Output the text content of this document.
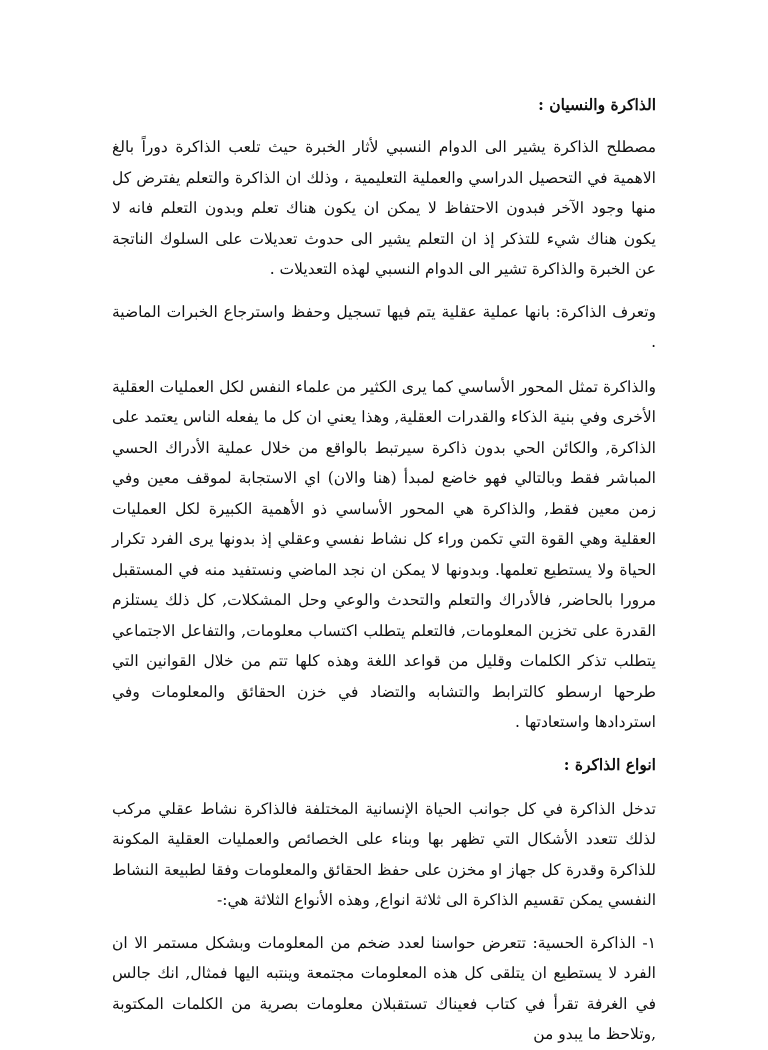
الذاكرة والنسيان :

مصطلح الذاكرة يشير الى الدوام النسبي لأثار الخبرة حيث تلعب الذاكرة دوراً بالغ الاهمية في التحصيل الدراسي والعملية التعليمية ، وذلك ان الذاكرة والتعلم يفترض كل منها وجود الآخر فبدون الاحتفاظ لا يمكن ان يكون هناك تعلم وبدون التعلم فانه لا يكون هناك شيء للتذكر إذ ان التعلم يشير الى حدوث تعديلات على السلوك الناتجة عن الخبرة والذاكرة تشير الى الدوام النسبي لهذه التعديلات .

وتعرف الذاكرة: بانها عملية عقلية يتم فيها تسجيل وحفظ واسترجاع الخبرات الماضية .

والذاكرة تمثل المحور الأساسي كما يرى الكثير من علماء النفس لكل العمليات العقلية الأخرى وفي بنية الذكاء والقدرات العقلية, وهذا يعني ان كل ما يفعله الناس يعتمد على الذاكرة, والكائن الحي بدون ذاكرة سيرتبط بالواقع من خلال عملية الأدراك الحسي المباشر فقط وبالتالي فهو خاضع لمبدأ (هنا والان) اي الاستجابة لموقف معين وفي زمن معين فقط, والذاكرة هي المحور الأساسي ذو الأهمية الكبيرة لكل العمليات العقلية وهي القوة التي تكمن وراء كل نشاط نفسي وعقلي إذ بدونها يرى الفرد تكرار الحياة ولا يستطيع تعلمها. وبدونها لا يمكن ان نجد الماضي ونستفيد منه في المستقبل مرورا بالحاضر, فالأدراك والتعلم والتحدث والوعي وحل المشكلات, كل ذلك يستلزم القدرة على تخزين المعلومات, فالتعلم يتطلب اكتساب معلومات, والتفاعل الاجتماعي يتطلب تذكر الكلمات وقليل من قواعد اللغة وهذه كلها تتم من خلال القوانين التي طرحها ارسطو كالترابط والتشابه والتضاد في خزن الحقائق والمعلومات وفي استردادها واستعادتها .

انواع الذاكرة :

تدخل الذاكرة في كل جوانب الحياة الإنسانية المختلفة فالذاكرة نشاط عقلي مركب لذلك تتعدد الأشكال التي تظهر بها وبناء على الخصائص والعمليات العقلية المكونة للذاكرة وقدرة كل جهاز او مخزن على حفظ الحقائق والمعلومات وفقا لطبيعة النشاط النفسي يمكن تقسيم الذاكرة الى ثلاثة انواع, وهذه الأنواع الثلاثة هي:-

١- الذاكرة الحسية: تتعرض حواسنا لعدد ضخم من المعلومات وبشكل مستمر الا ان الفرد لا يستطيع ان يتلقى كل هذه المعلومات مجتمعة وينتبه اليها فمثال, انك جالس في الغرفة تقرأ في كتاب فعيناك تستقبلان معلومات بصرية من الكلمات المكتوبة ,وتلاحظ ما يبدو من
